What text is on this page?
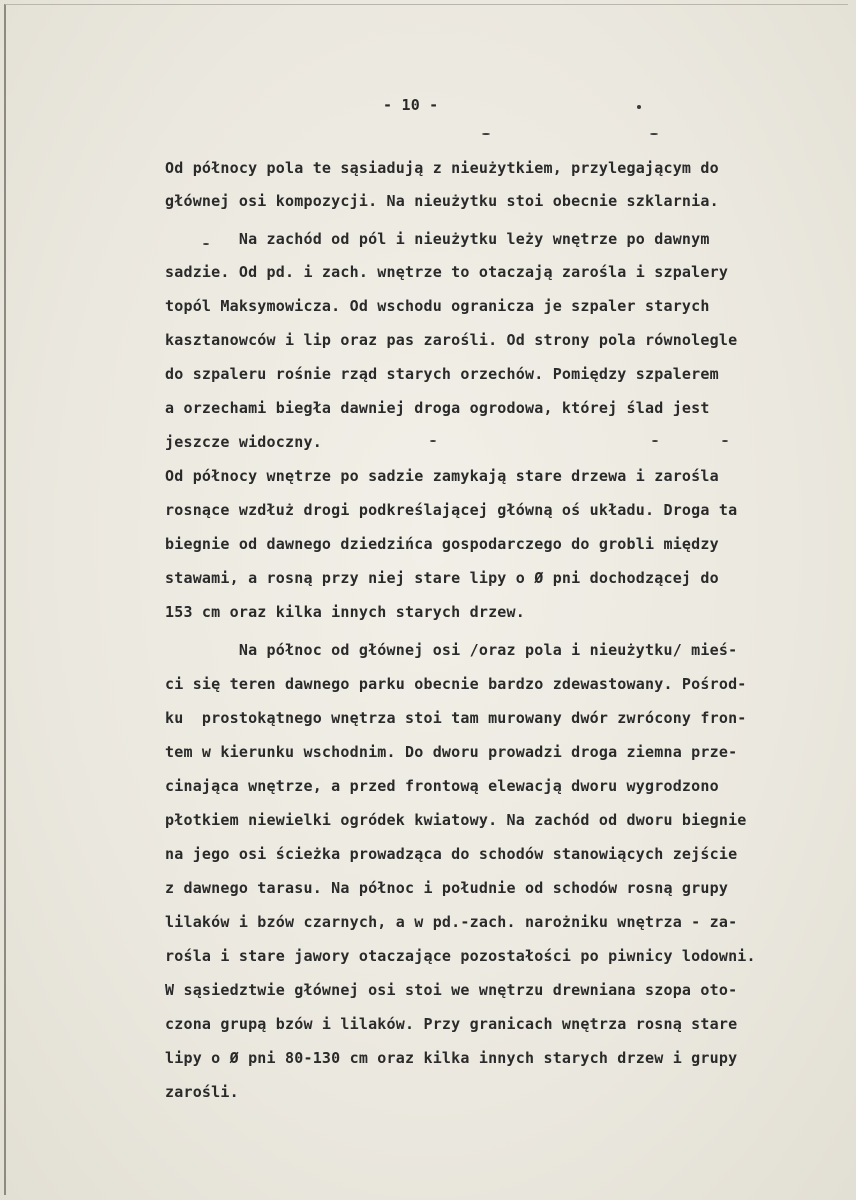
- 10 -
Od północy pola te sąsiadują z nieużytkiem, przylegającym do
głównej osi kompozycji. Na nieużytku stoi obecnie szklarnia.
Na zachód od pól i nieużytku leży wnętrze po dawnym
sadzie. Od pd. i zach. wnętrze to otaczają zarośla i szpalery
topól Maksymowicza. Od wschodu ogranicza je szpaler starych
kasztanowców i lip oraz pas zarośli. Od strony pola równolegle
do szpaleru rośnie rząd starych orzechów. Pomiędzy szpalerem
a orzechami biegła dawniej droga ogrodowa, której ślad jest
jeszcze widoczny.
Od północy wnętrze po sadzie zamykają stare drzewa i zarośla
rosnące wzdłuż drogi podkreślającej główną oś układu. Droga ta
biegnie od dawnego dziedzińca gospodarczego do grobli między
stawami, a rosną przy niej stare lipy o Ø pni dochodzącej do
153 cm oraz kilka innych starych drzew.
Na północ od głównej osi /oraz pola i nieużytku/ mieś-
ci się teren dawnego parku obecnie bardzo zdewastowany. Pośrod-
ku  prostokątnego wnętrza stoi tam murowany dwór zwrócony fron-
tem w kierunku wschodnim. Do dworu prowadzi droga ziemna prze-
cinająca wnętrze, a przed frontową elewacją dworu wygrodzono
płotkiem niewielki ogródek kwiatowy. Na zachód od dworu biegnie
na jego osi ścieżka prowadząca do schodów stanowiących zejście
z dawnego tarasu. Na północ i południe od schodów rosną grupy
lilaków i bzów czarnych, a w pd.-zach. narożniku wnętrza - za-
rośla i stare jawory otaczające pozostałości po piwnicy lodowni.
W sąsiedztwie głównej osi stoi we wnętrzu drewniana szopa oto-
czona grupą bzów i lilaków. Przy granicach wnętrza rosną stare
lipy o Ø pni 80-130 cm oraz kilka innych starych drzew i grupy
zarośli.
